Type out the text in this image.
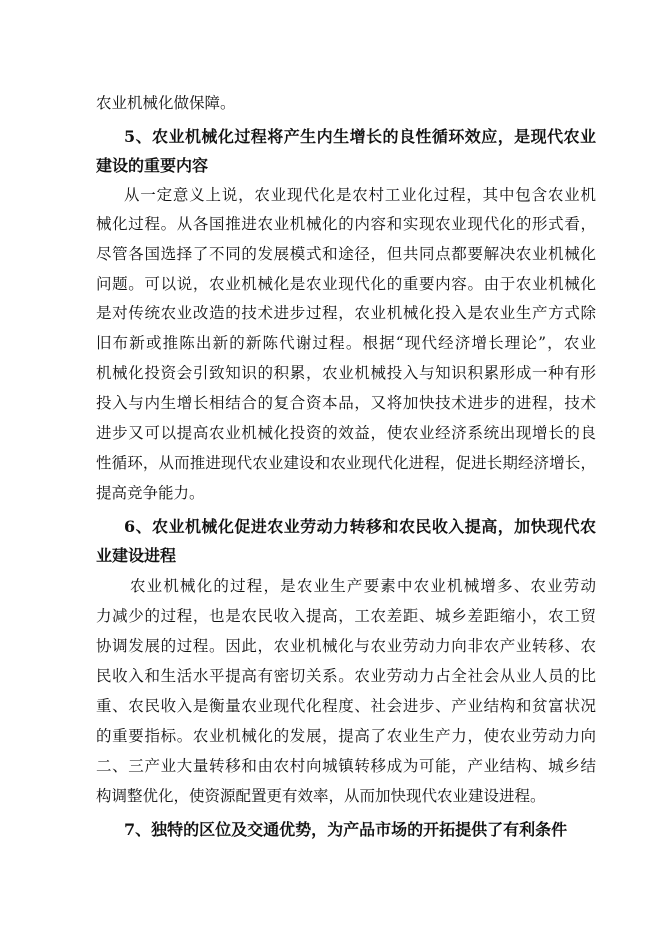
农业机械化做保障。
5、农业机械化过程将产生内生增长的良性循环效应，是现代农业
建设的重要内容
从一定意义上说，农业现代化是农村工业化过程，其中包含农业机
械化过程。从各国推进农业机械化的内容和实现农业现代化的形式看，
尽管各国选择了不同的发展模式和途径，但共同点都要解决农业机械化
问题。可以说，农业机械化是农业现代化的重要内容。由于农业机械化
是对传统农业改造的技术进步过程，农业机械化投入是农业生产方式除
旧布新或推陈出新的新陈代谢过程。根据“现代经济增长理论”，农业
机械化投资会引致知识的积累，农业机械投入与知识积累形成一种有形
投入与内生增长相结合的复合资本品，又将加快技术进步的进程，技术
进步又可以提高农业机械化投资的效益，使农业经济系统出现增长的良
性循环，从而推进现代农业建设和农业现代化进程，促进长期经济增长，
提高竞争能力。
6、农业机械化促进农业劳动力转移和农民收入提高，加快现代农
业建设进程
农业机械化的过程，是农业生产要素中农业机械增多、农业劳动
力减少的过程，也是农民收入提高，工农差距、城乡差距缩小，农工贸
协调发展的过程。因此，农业机械化与农业劳动力向非农产业转移、农
民收入和生活水平提高有密切关系。农业劳动力占全社会从业人员的比
重、农民收入是衡量农业现代化程度、社会进步、产业结构和贫富状况
的重要指标。农业机械化的发展，提高了农业生产力，使农业劳动力向
二、三产业大量转移和由农村向城镇转移成为可能，产业结构、城乡结
构调整优化，使资源配置更有效率，从而加快现代农业建设进程。
7、独特的区位及交通优势，为产品市场的开拓提供了有利条件
